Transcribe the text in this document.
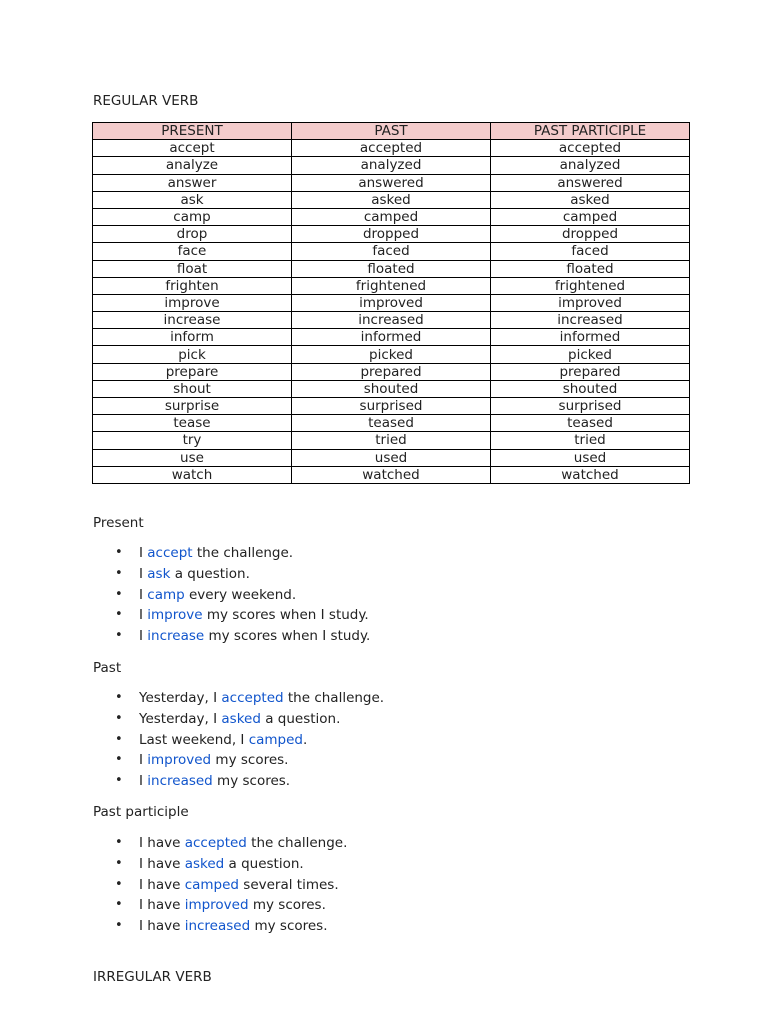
REGULAR VERB
PRESENT	PAST	PAST PARTICIPLE
accept	accepted	accepted
analyze	analyzed	analyzed
answer	answered	answered
ask	asked	asked
camp	camped	camped
drop	dropped	dropped
face	faced	faced
float	floated	floated
frighten	frightened	frightened
improve	improved	improved
increase	increased	increased
inform	informed	informed
pick	picked	picked
prepare	prepared	prepared
shout	shouted	shouted
surprise	surprised	surprised
tease	teased	teased
try	tried	tried
use	used	used
watch	watched	watched
Present
• I accept the challenge.
• I ask a question.
• I camp every weekend.
• I improve my scores when I study.
• I increase my scores when I study.
Past
• Yesterday, I accepted the challenge.
• Yesterday, I asked a question.
• Last weekend, I camped.
• I improved my scores.
• I increased my scores.
Past participle
• I have accepted the challenge.
• I have asked a question.
• I have camped several times.
• I have improved my scores.
• I have increased my scores.
IRREGULAR VERB
